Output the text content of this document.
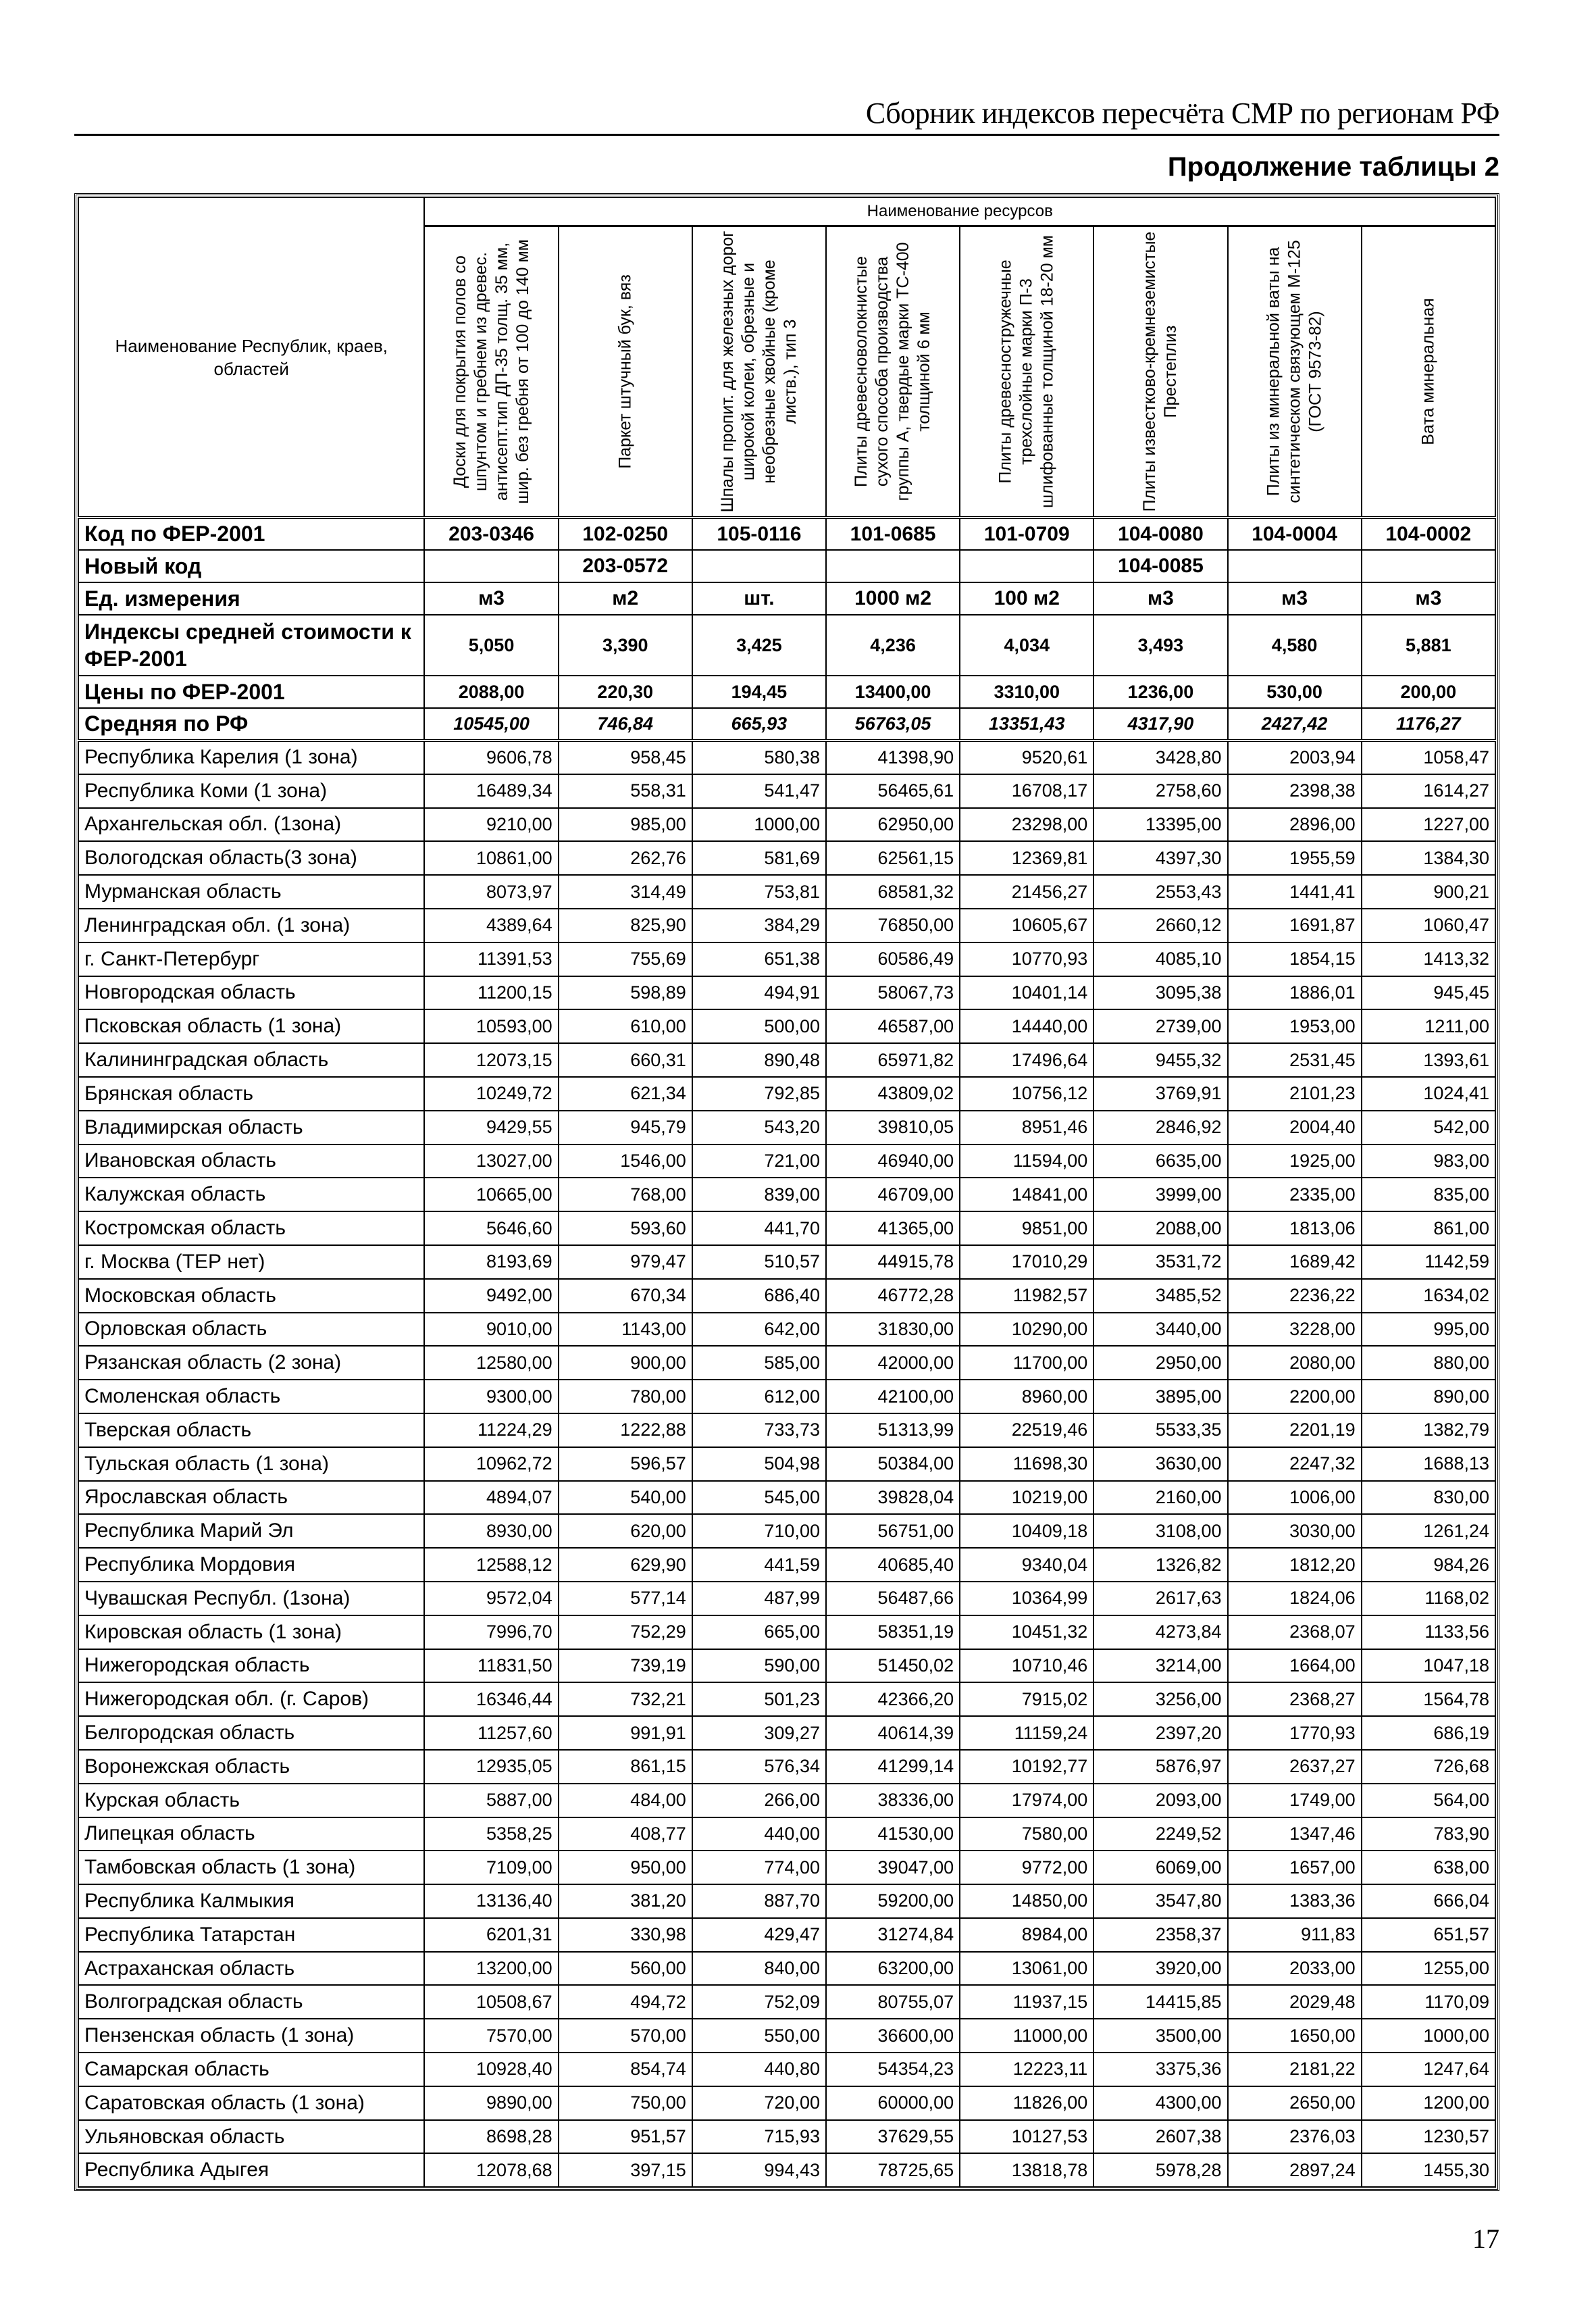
Сборник индексов пересчёта СМР по регионам РФ
Продолжение таблицы 2
Наименование Республик, краев, областей	Наименование ресурсов							

	Доски для покрытия полов со шпунтом и гребнем из древес. антисепт.тип ДП-35 толщ. 35 мм, шир. без гребня от 100 до 140 мм	Паркет штучный бук, вяз	Шпалы пропит. для железных дорог широкой колеи, обрезные и необрезные хвойные (кроме листв.), тип 3	Плиты древесноволокнистые сухого способа производства группы А, твердые марки ТС-400 толщиной 6 мм	Плиты древесностружечные трехслойные марки П-3 шлифованные толщиной 18-20 мм	Плиты известково-кремнеземистые Престеплиз	Плиты из минеральной ваты на синтетическом связующем М-125 (ГОСТ 9573-82)	Вата минеральная

Код по ФЕР-2001	203-0346	102-0250	105-0116	101-0685	101-0709	104-0080	104-0004	104-0002
Новый код		203-0572				104-0085		
Ед. измерения	м3	м2	шт.	1000 м2	100 м2	м3	м3	м3
Индексы средней стоимости к ФЕР-2001	5,050	3,390	3,425	4,236	4,034	3,493	4,580	5,881
Цены по ФЕР-2001	2088,00	220,30	194,45	13400,00	3310,00	1236,00	530,00	200,00
Средняя по РФ	10545,00	746,84	665,93	56763,05	13351,43	4317,90	2427,42	1176,27
Республика Карелия (1 зона)	9606,78	958,45	580,38	41398,90	9520,61	3428,80	2003,94	1058,47
Республика Коми (1 зона)	16489,34	558,31	541,47	56465,61	16708,17	2758,60	2398,38	1614,27
Архангельская обл. (1зона)	9210,00	985,00	1000,00	62950,00	23298,00	13395,00	2896,00	1227,00
Вологодская область(3 зона)	10861,00	262,76	581,69	62561,15	12369,81	4397,30	1955,59	1384,30
Мурманская область	8073,97	314,49	753,81	68581,32	21456,27	2553,43	1441,41	900,21
Ленинградская обл. (1 зона)	4389,64	825,90	384,29	76850,00	10605,67	2660,12	1691,87	1060,47
г. Санкт-Петербург	11391,53	755,69	651,38	60586,49	10770,93	4085,10	1854,15	1413,32
Новгородская область	11200,15	598,89	494,91	58067,73	10401,14	3095,38	1886,01	945,45
Псковская область (1 зона)	10593,00	610,00	500,00	46587,00	14440,00	2739,00	1953,00	1211,00
Калининградская область	12073,15	660,31	890,48	65971,82	17496,64	9455,32	2531,45	1393,61
Брянская область	10249,72	621,34	792,85	43809,02	10756,12	3769,91	2101,23	1024,41
Владимирская область	9429,55	945,79	543,20	39810,05	8951,46	2846,92	2004,40	542,00
Ивановская область	13027,00	1546,00	721,00	46940,00	11594,00	6635,00	1925,00	983,00
Калужская область	10665,00	768,00	839,00	46709,00	14841,00	3999,00	2335,00	835,00
Костромская область	5646,60	593,60	441,70	41365,00	9851,00	2088,00	1813,06	861,00
г. Москва (ТЕР нет)	8193,69	979,47	510,57	44915,78	17010,29	3531,72	1689,42	1142,59
Московская область	9492,00	670,34	686,40	46772,28	11982,57	3485,52	2236,22	1634,02
Орловская область	9010,00	1143,00	642,00	31830,00	10290,00	3440,00	3228,00	995,00
Рязанская область (2 зона)	12580,00	900,00	585,00	42000,00	11700,00	2950,00	2080,00	880,00
Смоленская область	9300,00	780,00	612,00	42100,00	8960,00	3895,00	2200,00	890,00
Тверская область	11224,29	1222,88	733,73	51313,99	22519,46	5533,35	2201,19	1382,79
Тульская область (1 зона)	10962,72	596,57	504,98	50384,00	11698,30	3630,00	2247,32	1688,13
Ярославская область	4894,07	540,00	545,00	39828,04	10219,00	2160,00	1006,00	830,00
Республика Марий Эл	8930,00	620,00	710,00	56751,00	10409,18	3108,00	3030,00	1261,24
Республика Мордовия	12588,12	629,90	441,59	40685,40	9340,04	1326,82	1812,20	984,26
Чувашская Республ. (1зона)	9572,04	577,14	487,99	56487,66	10364,99	2617,63	1824,06	1168,02
Кировская область (1 зона)	7996,70	752,29	665,00	58351,19	10451,32	4273,84	2368,07	1133,56
Нижегородская область	11831,50	739,19	590,00	51450,02	10710,46	3214,00	1664,00	1047,18
Нижегородская обл. (г. Саров)	16346,44	732,21	501,23	42366,20	7915,02	3256,00	2368,27	1564,78
Белгородская область	11257,60	991,91	309,27	40614,39	11159,24	2397,20	1770,93	686,19
Воронежская область	12935,05	861,15	576,34	41299,14	10192,77	5876,97	2637,27	726,68
Курская область	5887,00	484,00	266,00	38336,00	17974,00	2093,00	1749,00	564,00
Липецкая область	5358,25	408,77	440,00	41530,00	7580,00	2249,52	1347,46	783,90
Тамбовская область (1 зона)	7109,00	950,00	774,00	39047,00	9772,00	6069,00	1657,00	638,00
Республика Калмыкия	13136,40	381,20	887,70	59200,00	14850,00	3547,80	1383,36	666,04
Республика Татарстан	6201,31	330,98	429,47	31274,84	8984,00	2358,37	911,83	651,57
Астраханская область	13200,00	560,00	840,00	63200,00	13061,00	3920,00	2033,00	1255,00
Волгоградская область	10508,67	494,72	752,09	80755,07	11937,15	14415,85	2029,48	1170,09
Пензенская область (1 зона)	7570,00	570,00	550,00	36600,00	11000,00	3500,00	1650,00	1000,00
Самарская область	10928,40	854,74	440,80	54354,23	12223,11	3375,36	2181,22	1247,64
Саратовская область (1 зона)	9890,00	750,00	720,00	60000,00	11826,00	4300,00	2650,00	1200,00
Ульяновская область	8698,28	951,57	715,93	37629,55	10127,53	2607,38	2376,03	1230,57
Республика Адыгея	12078,68	397,15	994,43	78725,65	13818,78	5978,28	2897,24	1455,30
17
